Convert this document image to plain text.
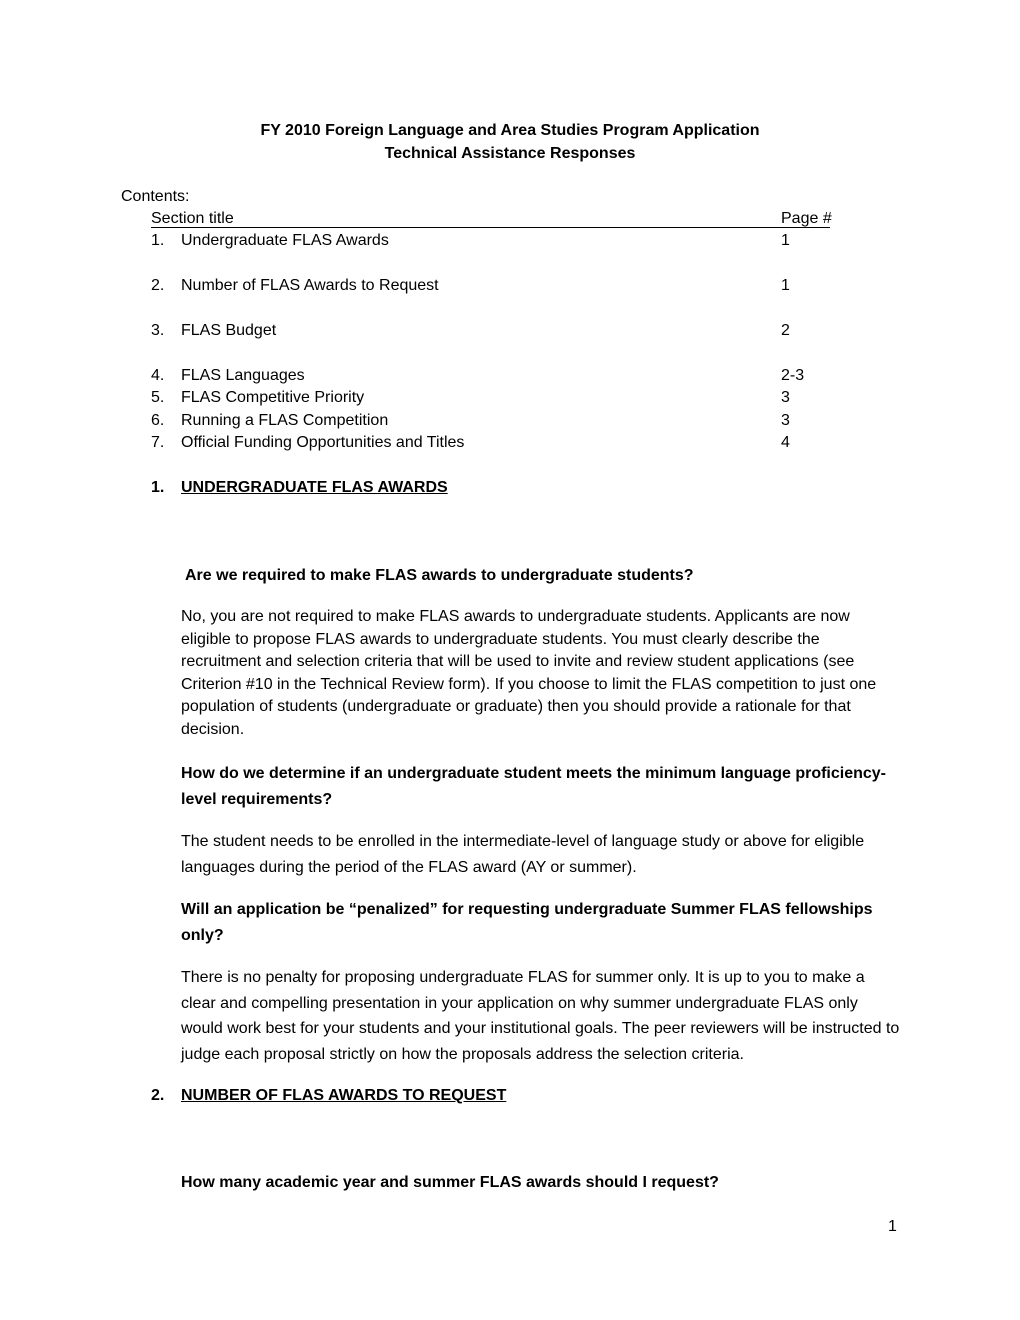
FY 2010 Foreign Language and Area Studies Program Application
Technical Assistance Responses
Contents:
Section title	Page #
1. Undergraduate FLAS Awards	1
2. Number of FLAS Awards to Request	1
3. FLAS Budget	2
4. FLAS Languages	2-3
5. FLAS Competitive Priority	3
6. Running a FLAS Competition	3
7. Official Funding Opportunities and Titles	4
1. UNDERGRADUATE FLAS AWARDS
Are we required to make FLAS awards to undergraduate students?
No, you are not required to make FLAS awards to undergraduate students. Applicants are now eligible to propose FLAS awards to undergraduate students. You must clearly describe the recruitment and selection criteria that will be used to invite and review student applications (see Criterion #10 in the Technical Review form). If you choose to limit the FLAS competition to just one population of students (undergraduate or graduate) then you should provide a rationale for that decision.
How do we determine if an undergraduate student meets the minimum language proficiency-level requirements?
The student needs to be enrolled in the intermediate-level of language study or above for eligible languages during the period of the FLAS award (AY or summer).
Will an application be “penalized” for requesting undergraduate Summer FLAS fellowships only?
There is no penalty for proposing undergraduate FLAS for summer only. It is up to you to make a clear and compelling presentation in your application on why summer undergraduate FLAS only would work best for your students and your institutional goals. The peer reviewers will be instructed to judge each proposal strictly on how the proposals address the selection criteria.
2. NUMBER OF FLAS AWARDS TO REQUEST
How many academic year and summer FLAS awards should I request?
1
